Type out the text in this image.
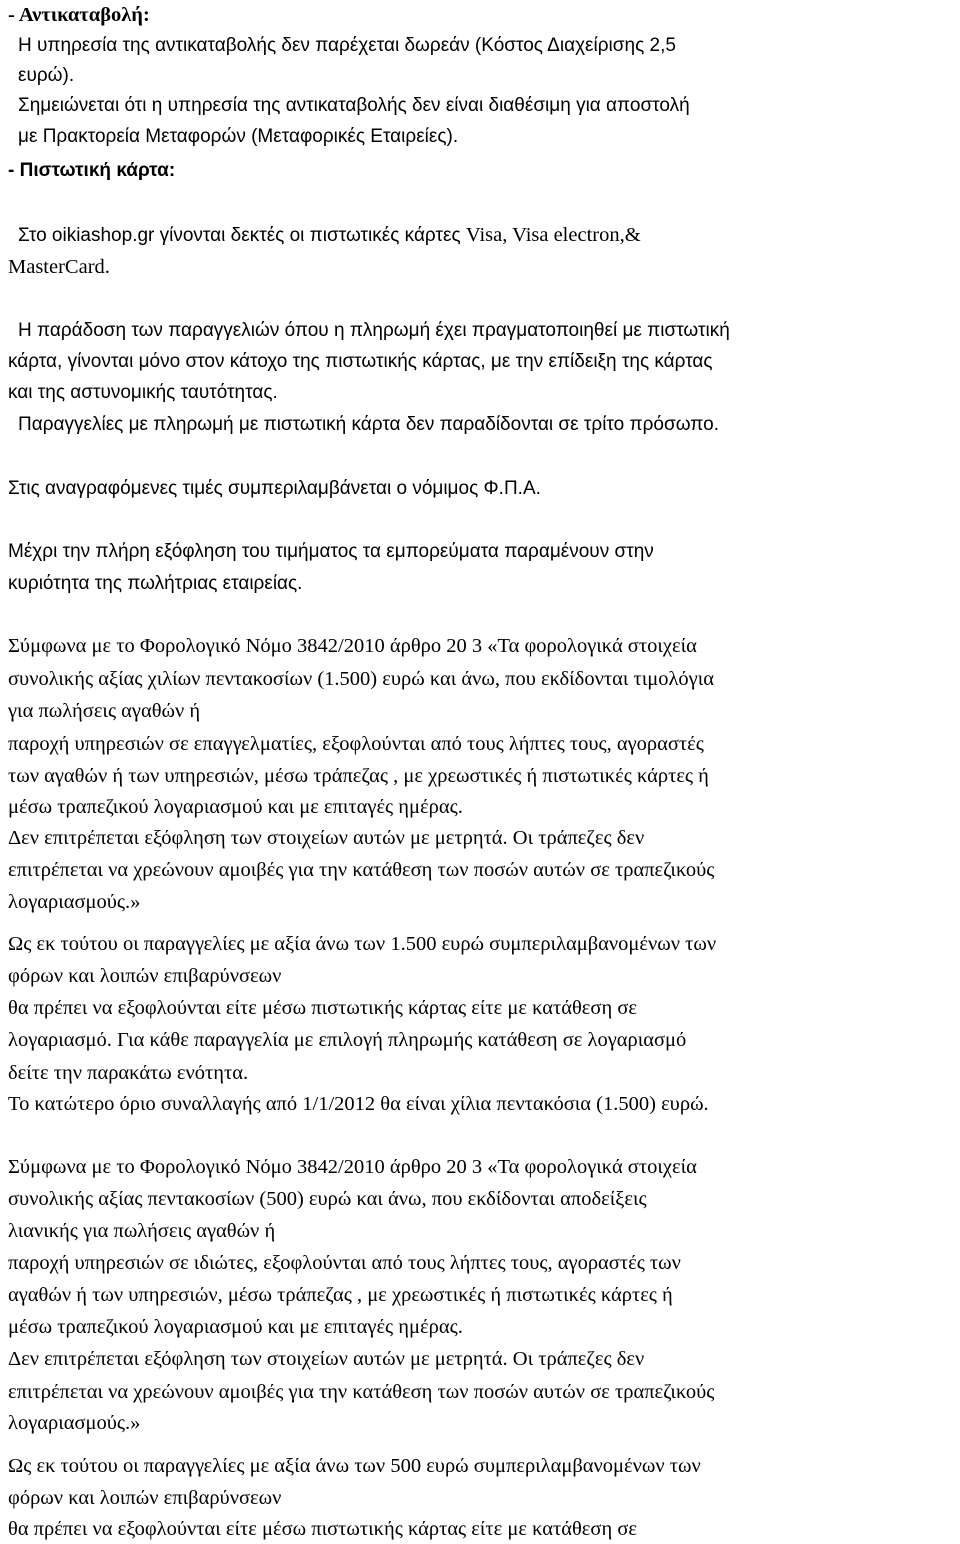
- Αντικαταβολή:

Η υπηρεσία της αντικαταβολής δεν παρέχεται δωρεάν (Κόστος Διαχείρισης 2,5

ευρώ).

Σημειώνεται ότι η υπηρεσία της αντικαταβολής δεν είναι διαθέσιμη για αποστολή

με Πρακτορεία Μεταφορών (Μεταφορικές Εταιρείες).

- Πιστωτική κάρτα:

Στο oikiashop.gr γίνονται δεκτές οι πιστωτικές κάρτες Visa, Visa electron,&

MasterCard.

Η παράδοση των παραγγελιών όπου η πληρωμή έχει πραγματοποιηθεί με πιστωτική

κάρτα, γίνονται μόνο στον κάτοχο της πιστωτικής κάρτας, με την επίδειξη της κάρτας

και της αστυνομικής ταυτότητας.

Παραγγελίες με πληρωμή με πιστωτική κάρτα δεν παραδίδονται σε τρίτο πρόσωπο.

Στις αναγραφόμενες τιμές συμπεριλαμβάνεται ο νόμιμος Φ.Π.Α.

Μέχρι την πλήρη εξόφληση του τιμήματος τα εμπορεύματα παραμένουν στην

κυριότητα της πωλήτριας εταιρείας.

Σύμφωνα με το Φορολογικό Νόμο 3842/2010 άρθρο 20 3 «Τα φορολογικά στοιχεία

συνολικής αξίας χιλίων πεντακοσίων (1.500) ευρώ και άνω, που εκδίδονται τιμολόγια

για πωλήσεις αγαθών ή

παροχή υπηρεσιών σε επαγγελματίες, εξοφλούνται από τους λήπτες τους, αγοραστές

των αγαθών ή των υπηρεσιών, μέσω τράπεζας , με χρεωστικές ή πιστωτικές κάρτες ή

μέσω τραπεζικού λογαριασμού και με επιταγές ημέρας.

Δεν επιτρέπεται εξόφληση των στοιχείων αυτών με μετρητά. Οι τράπεζες δεν

επιτρέπεται να χρεώνουν αμοιβές για την κατάθεση των ποσών αυτών σε τραπεζικούς

λογαριασμούς.»

Ως εκ τούτου οι παραγγελίες με αξία άνω των 1.500 ευρώ συμπεριλαμβανομένων των

φόρων και λοιπών επιβαρύνσεων

θα πρέπει να εξοφλούνται είτε μέσω πιστωτικής κάρτας είτε με κατάθεση σε

λογαριασμό. Για κάθε παραγγελία με επιλογή πληρωμής κατάθεση σε λογαριασμό

δείτε την παρακάτω ενότητα.

Το κατώτερο όριο συναλλαγής από 1/1/2012 θα είναι χίλια πεντακόσια (1.500) ευρώ.

Σύμφωνα με το Φορολογικό Νόμο 3842/2010 άρθρο 20 3 «Τα φορολογικά στοιχεία

συνολικής αξίας πεντακοσίων (500) ευρώ και άνω, που εκδίδονται αποδείξεις

λιανικής για πωλήσεις αγαθών ή

παροχή υπηρεσιών σε ιδιώτες, εξοφλούνται από τους λήπτες τους, αγοραστές των

αγαθών ή των υπηρεσιών, μέσω τράπεζας , με χρεωστικές ή πιστωτικές κάρτες ή

μέσω τραπεζικού λογαριασμού και με επιταγές ημέρας.

Δεν επιτρέπεται εξόφληση των στοιχείων αυτών με μετρητά. Οι τράπεζες δεν

επιτρέπεται να χρεώνουν αμοιβές για την κατάθεση των ποσών αυτών σε τραπεζικούς

λογαριασμούς.»

Ως εκ τούτου οι παραγγελίες με αξία άνω των 500 ευρώ συμπεριλαμβανομένων των

φόρων και λοιπών επιβαρύνσεων

θα πρέπει να εξοφλούνται είτε μέσω πιστωτικής κάρτας είτε με κατάθεση σε
